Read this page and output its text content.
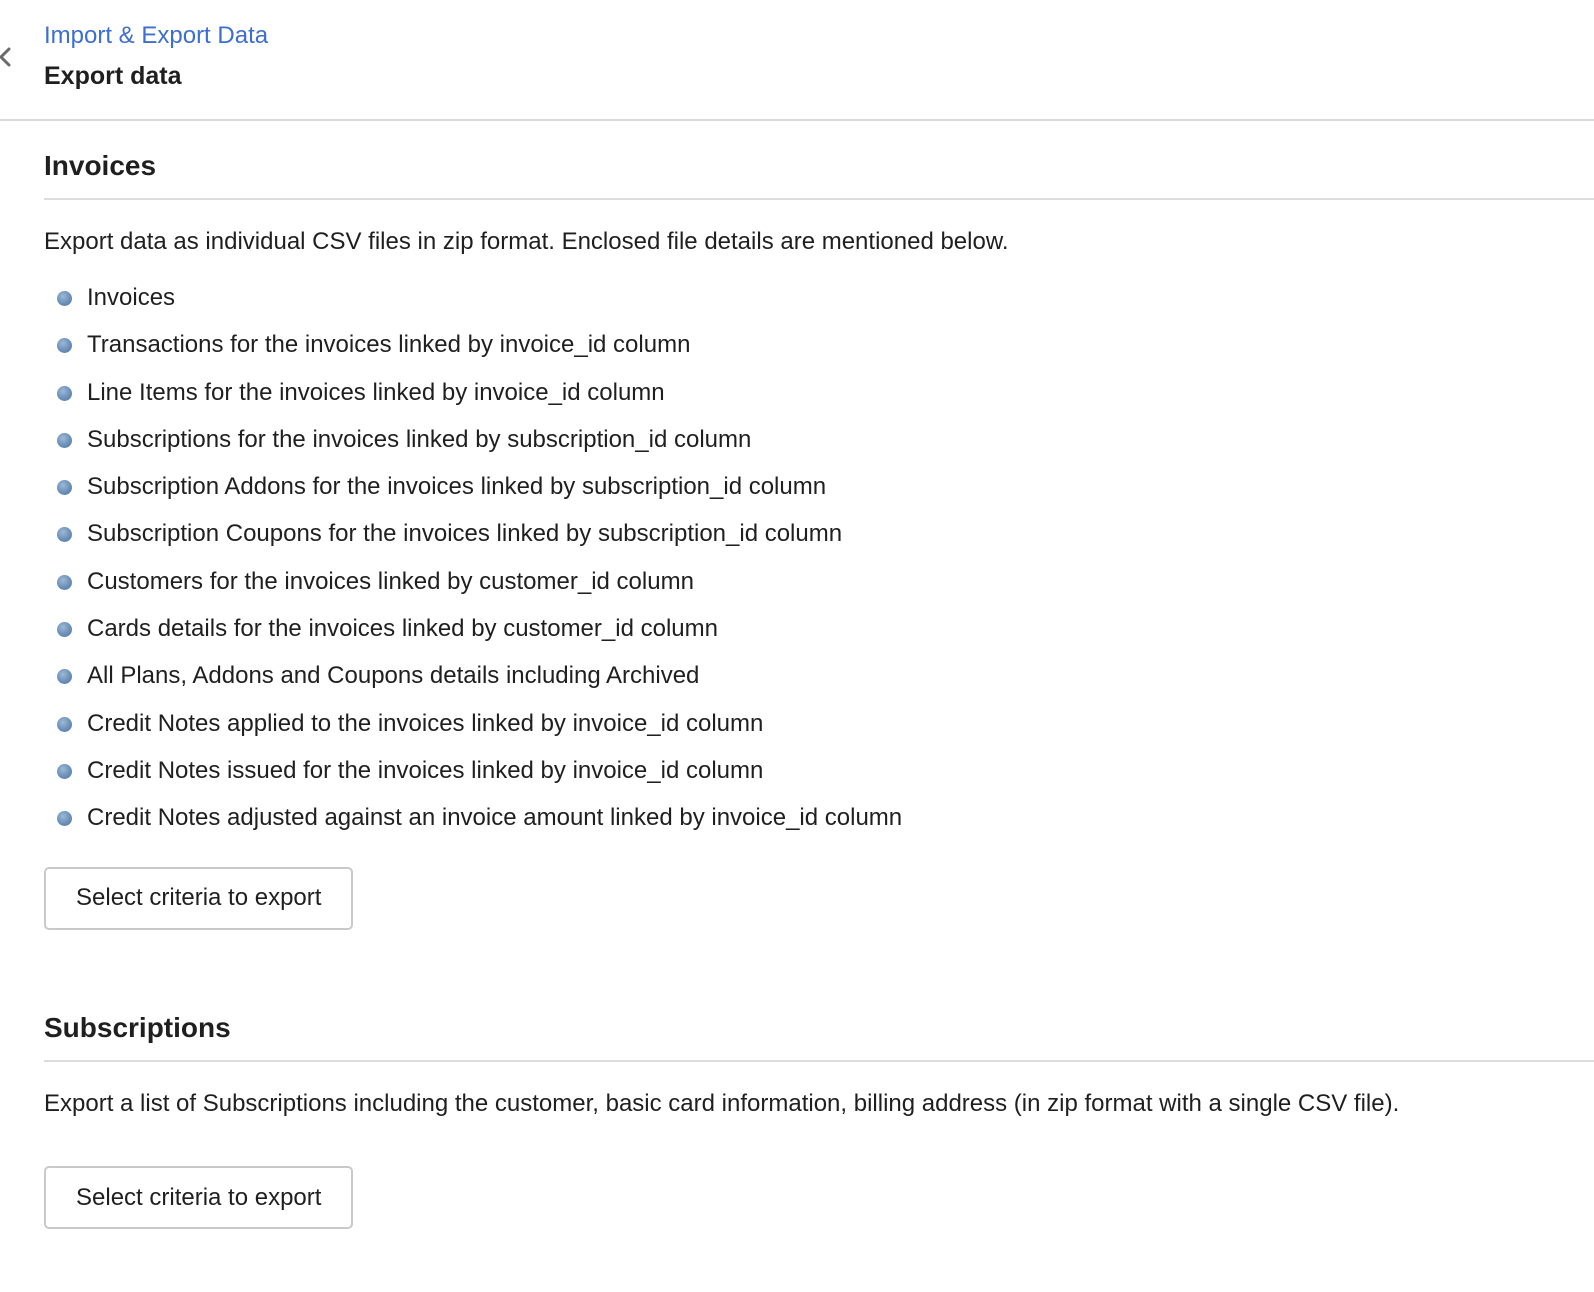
Import & Export Data
Export data
Invoices

Export data as individual CSV files in zip format. Enclosed file details are mentioned below.

Invoices
Transactions for the invoices linked by invoice_id column
Line Items for the invoices linked by invoice_id column
Subscriptions for the invoices linked by subscription_id column
Subscription Addons for the invoices linked by subscription_id column
Subscription Coupons for the invoices linked by subscription_id column
Customers for the invoices linked by customer_id column
Cards details for the invoices linked by customer_id column
All Plans, Addons and Coupons details including Archived
Credit Notes applied to the invoices linked by invoice_id column
Credit Notes issued for the invoices linked by invoice_id column
Credit Notes adjusted against an invoice amount linked by invoice_id column
Select criteria to export
Subscriptions

Export a list of Subscriptions including the customer, basic card information, billing address (in zip format with a single CSV file).

Select criteria to export
